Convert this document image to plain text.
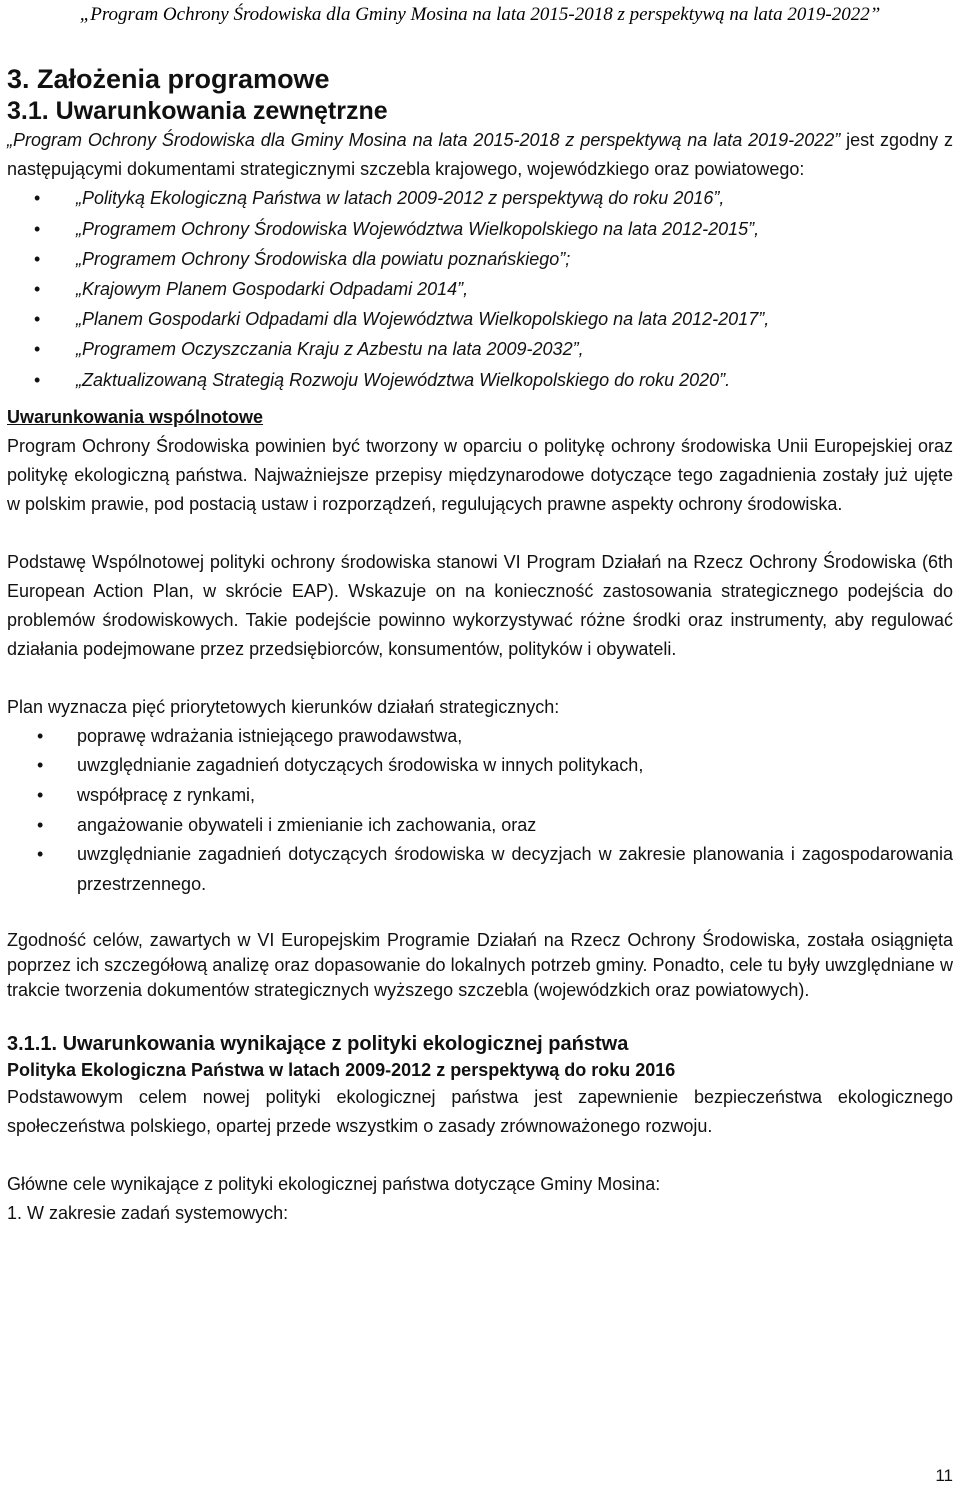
„Program Ochrony Środowiska dla Gminy Mosina na lata 2015-2018 z perspektywą na lata 2019-2022”
3. Założenia programowe
3.1. Uwarunkowania zewnętrzne

„Program Ochrony Środowiska dla Gminy Mosina na lata 2015-2018 z perspektywą na lata 2019-2022” jest zgodny z następującymi dokumentami strategicznymi szczebla krajowego, wojewódzkiego oraz powiatowego:

• „Polityką Ekologiczną Państwa w latach 2009-2012 z perspektywą do roku 2016”,
• „Programem Ochrony Środowiska Województwa Wielkopolskiego na lata 2012-2015”,
• „Programem Ochrony Środowiska dla powiatu poznańskiego”;
• „Krajowym Planem Gospodarki Odpadami 2014”,
• „Planem Gospodarki Odpadami dla Województwa Wielkopolskiego na lata 2012-2017”,
• „Programem Oczyszczania Kraju z Azbestu na lata 2009-2032”,
• „Zaktualizowaną Strategią Rozwoju Województwa Wielkopolskiego do roku 2020”.

Uwarunkowania wspólnotowe

Program Ochrony Środowiska powinien być tworzony w oparciu o politykę ochrony środowiska Unii Europejskiej oraz politykę ekologiczną państwa. Najważniejsze przepisy międzynarodowe dotyczące tego zagadnienia zostały już ujęte w polskim prawie, pod postacią ustaw i rozporządzeń, regulujących prawne aspekty ochrony środowiska.

Podstawę Wspólnotowej polityki ochrony środowiska stanowi VI Program Działań na Rzecz Ochrony Środowiska (6th European Action Plan, w skrócie EAP). Wskazuje on na konieczność zastosowania strategicznego podejścia do problemów środowiskowych. Takie podejście powinno wykorzystywać różne środki oraz instrumenty, aby regulować działania podejmowane przez przedsiębiorców, konsumentów, polityków i obywateli.

Plan wyznacza pięć priorytetowych kierunków działań strategicznych:

• poprawę wdrażania istniejącego prawodawstwa,
• uwzględnianie zagadnień dotyczących środowiska w innych politykach,
• współpracę z rynkami,
• angażowanie obywateli i zmienianie ich zachowania, oraz
• uwzględnianie zagadnień dotyczących środowiska w decyzjach w zakresie planowania i zagospodarowania przestrzennego.

Zgodność celów, zawartych w VI Europejskim Programie Działań na Rzecz Ochrony Środowiska, została osiągnięta poprzez ich szczegółową analizę oraz dopasowanie do lokalnych potrzeb gminy. Ponadto, cele tu były uwzględniane w trakcie tworzenia dokumentów strategicznych wyższego szczebla (wojewódzkich oraz powiatowych).

3.1.1. Uwarunkowania wynikające z polityki ekologicznej państwa

Polityka Ekologiczna Państwa w latach 2009-2012 z perspektywą do roku 2016

Podstawowym celem nowej polityki ekologicznej państwa jest zapewnienie bezpieczeństwa ekologicznego społeczeństwa polskiego, opartej przede wszystkim o zasady zrównoważonego rozwoju.

Główne cele wynikające z polityki ekologicznej państwa dotyczące Gminy Mosina:

1. W zakresie zadań systemowych:

11
